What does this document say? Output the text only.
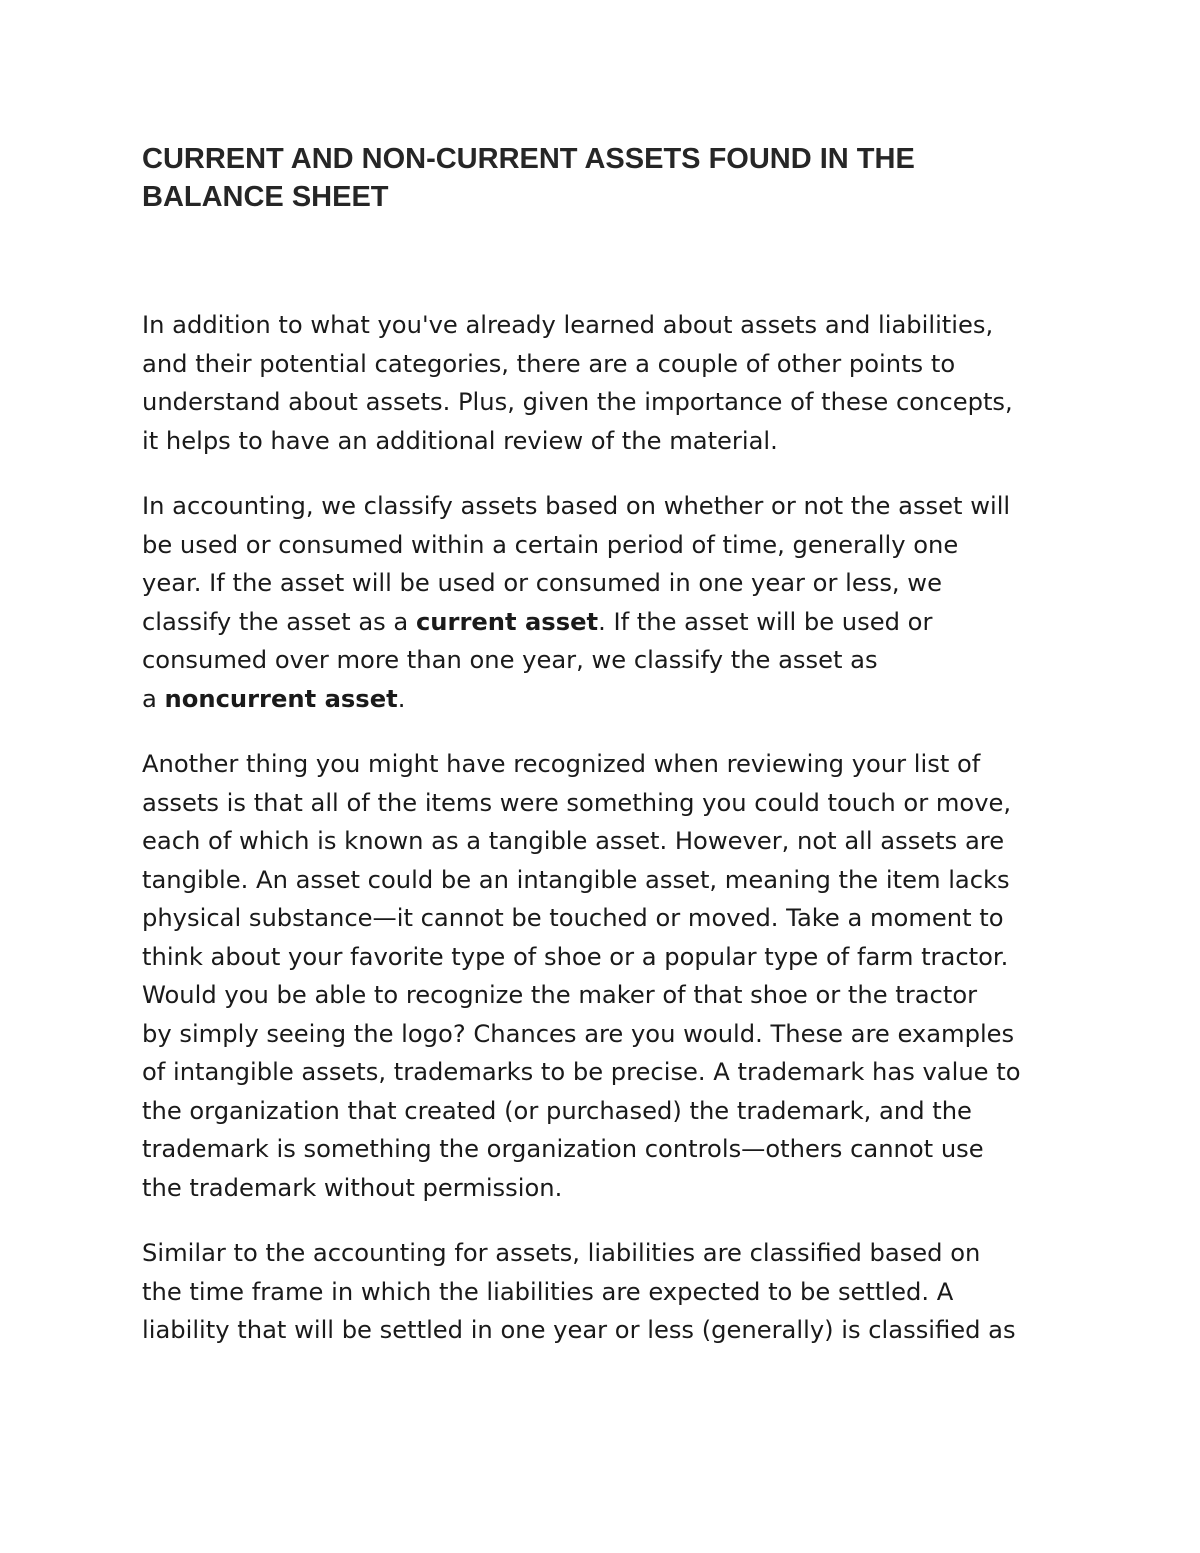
CURRENT AND NON-CURRENT ASSETS FOUND IN THE
BALANCE SHEET

In addition to what you've already learned about assets and liabilities,
and their potential categories, there are a couple of other points to
understand about assets. Plus, given the importance of these concepts,
it helps to have an additional review of the material.

In accounting, we classify assets based on whether or not the asset will
be used or consumed within a certain period of time, generally one
year. If the asset will be used or consumed in one year or less, we
classify the asset as a current asset. If the asset will be used or
consumed over more than one year, we classify the asset as
a noncurrent asset.

Another thing you might have recognized when reviewing your list of
assets is that all of the items were something you could touch or move,
each of which is known as a tangible asset. However, not all assets are
tangible. An asset could be an intangible asset, meaning the item lacks
physical substance—it cannot be touched or moved. Take a moment to
think about your favorite type of shoe or a popular type of farm tractor.
Would you be able to recognize the maker of that shoe or the tractor
by simply seeing the logo? Chances are you would. These are examples
of intangible assets, trademarks to be precise. A trademark has value to
the organization that created (or purchased) the trademark, and the
trademark is something the organization controls—others cannot use
the trademark without permission.

Similar to the accounting for assets, liabilities are classified based on
the time frame in which the liabilities are expected to be settled. A
liability that will be settled in one year or less (generally) is classified as
